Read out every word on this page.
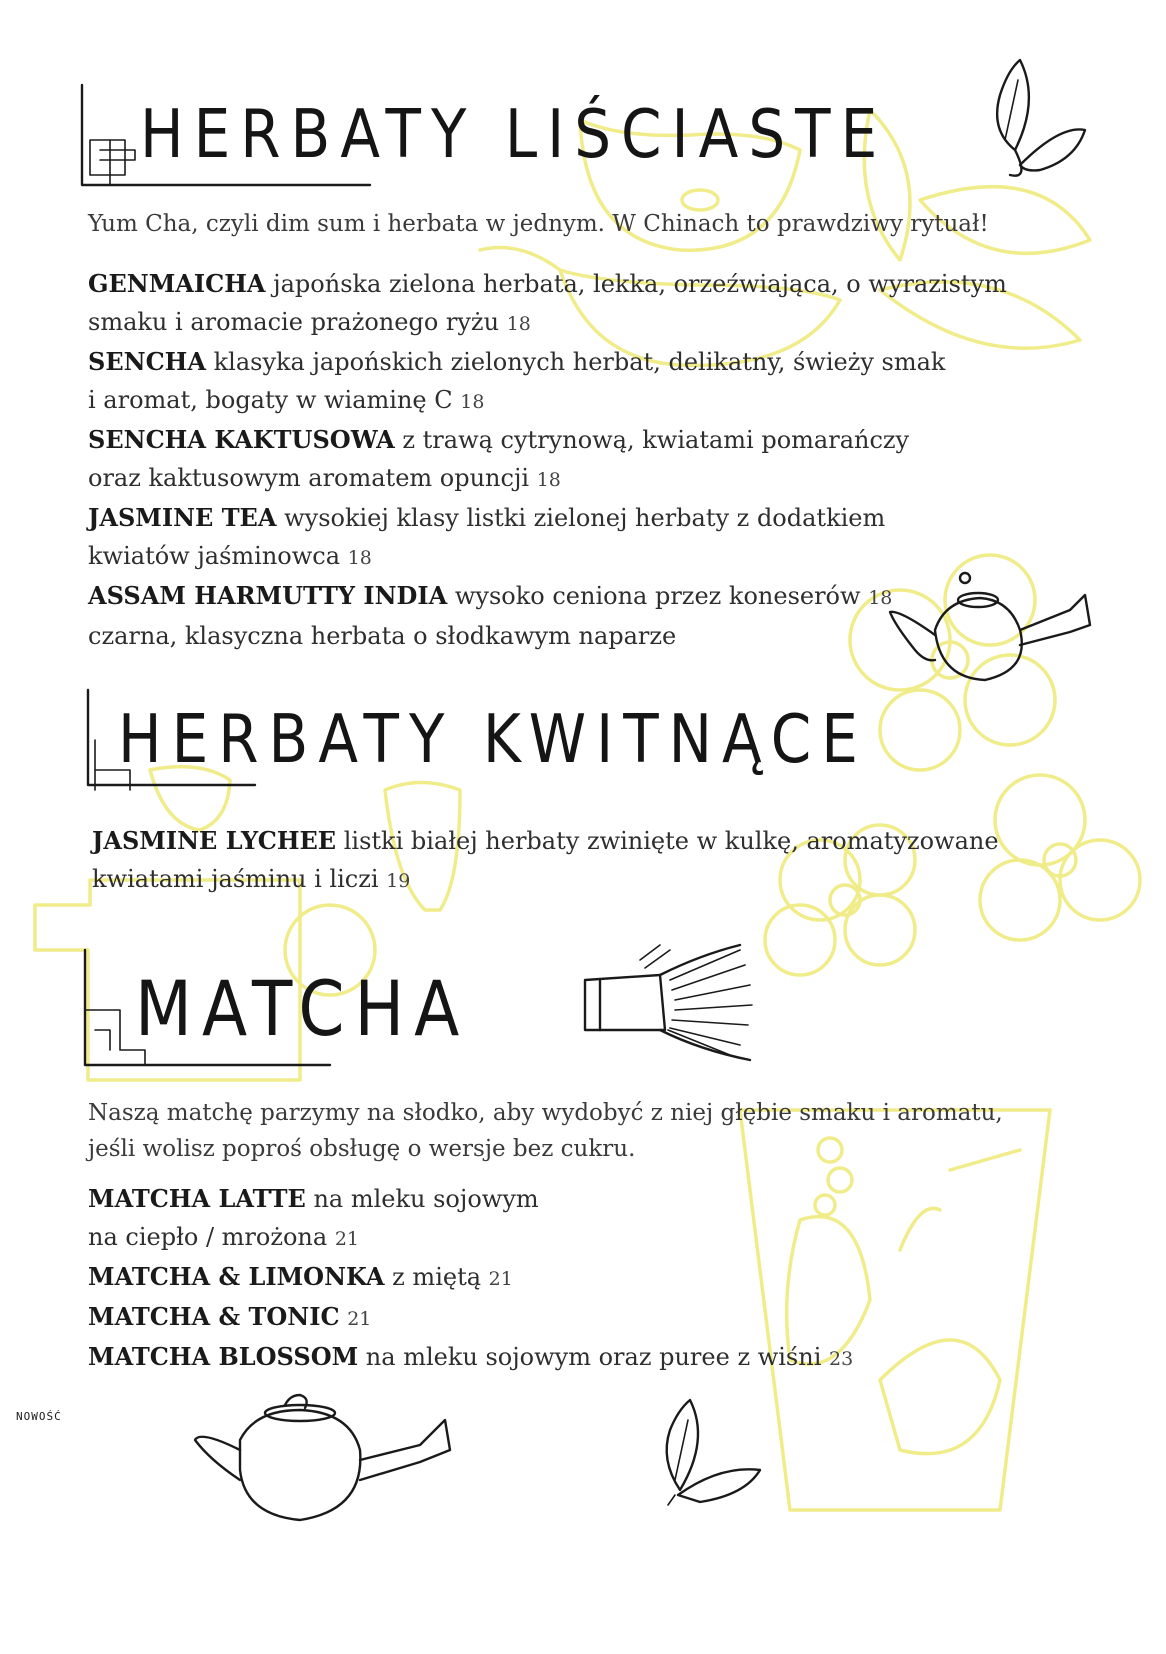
HERBATY LIŚCIASTE

Yum Cha, czyli dim sum i herbata w jednym. W Chinach to prawdziwy rytuał!

GENMAICHA japońska zielona herbata, lekka, orzeźwiająca, o wyrazistym
smaku i aromacie prażonego ryżu 18
SENCHA klasyka japońskich zielonych herbat, delikatny, świeży smak
i aromat, bogaty w wiaminę C 18
SENCHA KAKTUSOWA z trawą cytrynową, kwiatami pomarańczy
oraz kaktusowym aromatem opuncji 18
JASMINE TEA wysokiej klasy listki zielonej herbaty z dodatkiem
kwiatów jaśminowca 18
ASSAM HARMUTTY INDIA wysoko ceniona przez koneserów 18
czarna, klasyczna herbata o słodkawym naparze
HERBATY KWITNĄCE
JASMINE LYCHEE listki białej herbaty zwinięte w kulkę, aromatyzowane
kwiatami jaśminu i liczi 19
MATCHA

Naszą matchę parzymy na słodko, aby wydobyć z niej głębie smaku i aromatu,
jeśli wolisz poproś obsługę o wersje bez cukru.

NOWOŚĆ
MATCHA LATTE na mleku sojowym
na ciepło / mrożona 21
MATCHA & LIMONKA z miętą 21
MATCHA & TONIC 21
MATCHA BLOSSOM na mleku sojowym oraz puree z wiśni 23
